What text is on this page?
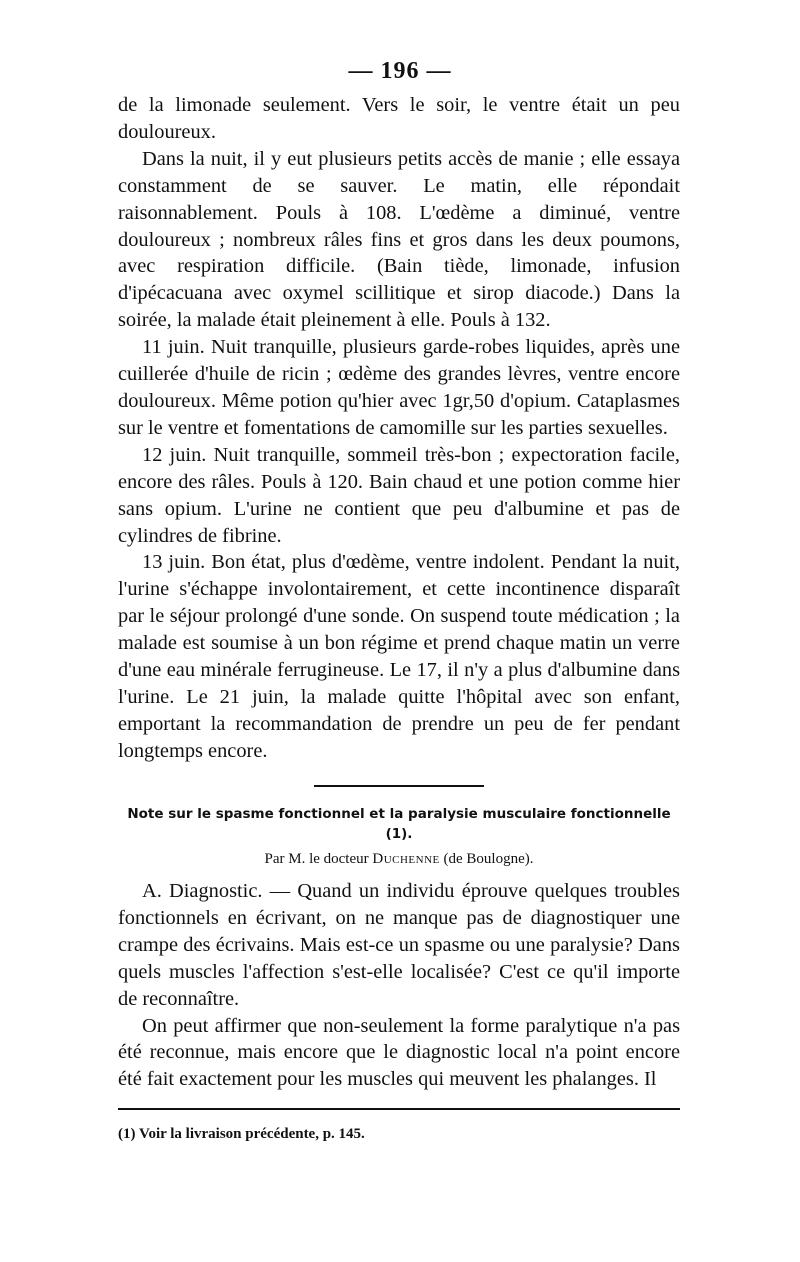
— 196 —

de la limonade seulement. Vers le soir, le ventre était un peu douloureux.

Dans la nuit, il y eut plusieurs petits accès de manie ; elle essaya constamment de se sauver. Le matin, elle répondait raisonnablement. Pouls à 108. L'œdème a diminué, ventre douloureux ; nombreux râles fins et gros dans les deux poumons, avec respiration difficile. (Bain tiède, limonade, infusion d'ipécacuana avec oxymel scillitique et sirop diacode.) Dans la soirée, la malade était pleinement à elle. Pouls à 132.

11 juin. Nuit tranquille, plusieurs garde-robes liquides, après une cuillerée d'huile de ricin ; œdème des grandes lèvres, ventre encore douloureux. Même potion qu'hier avec 1gr,50 d'opium. Cataplasmes sur le ventre et fomentations de camomille sur les parties sexuelles.

12 juin. Nuit tranquille, sommeil très-bon ; expectoration facile, encore des râles. Pouls à 120. Bain chaud et une potion comme hier sans opium. L'urine ne contient que peu d'albumine et pas de cylindres de fibrine.

13 juin. Bon état, plus d'œdème, ventre indolent. Pendant la nuit, l'urine s'échappe involontairement, et cette incontinence disparaît par le séjour prolongé d'une sonde. On suspend toute médication ; la malade est soumise à un bon régime et prend chaque matin un verre d'une eau minérale ferrugineuse. Le 17, il n'y a plus d'albumine dans l'urine. Le 21 juin, la malade quitte l'hôpital avec son enfant, emportant la recommandation de prendre un peu de fer pendant longtemps encore.

Note sur le spasme fonctionnel et la paralysie musculaire fonctionnelle (1).
Par M. le docteur Duchenne (de Boulogne).

A. Diagnostic. — Quand un individu éprouve quelques troubles fonctionnels en écrivant, on ne manque pas de diagnostiquer une crampe des écrivains. Mais est-ce un spasme ou une paralysie? Dans quels muscles l'affection s'est-elle localisée? C'est ce qu'il importe de reconnaître.

On peut affirmer que non-seulement la forme paralytique n'a pas été reconnue, mais encore que le diagnostic local n'a point encore été fait exactement pour les muscles qui meuvent les phalanges. Il

(1) Voir la livraison précédente, p. 145.
